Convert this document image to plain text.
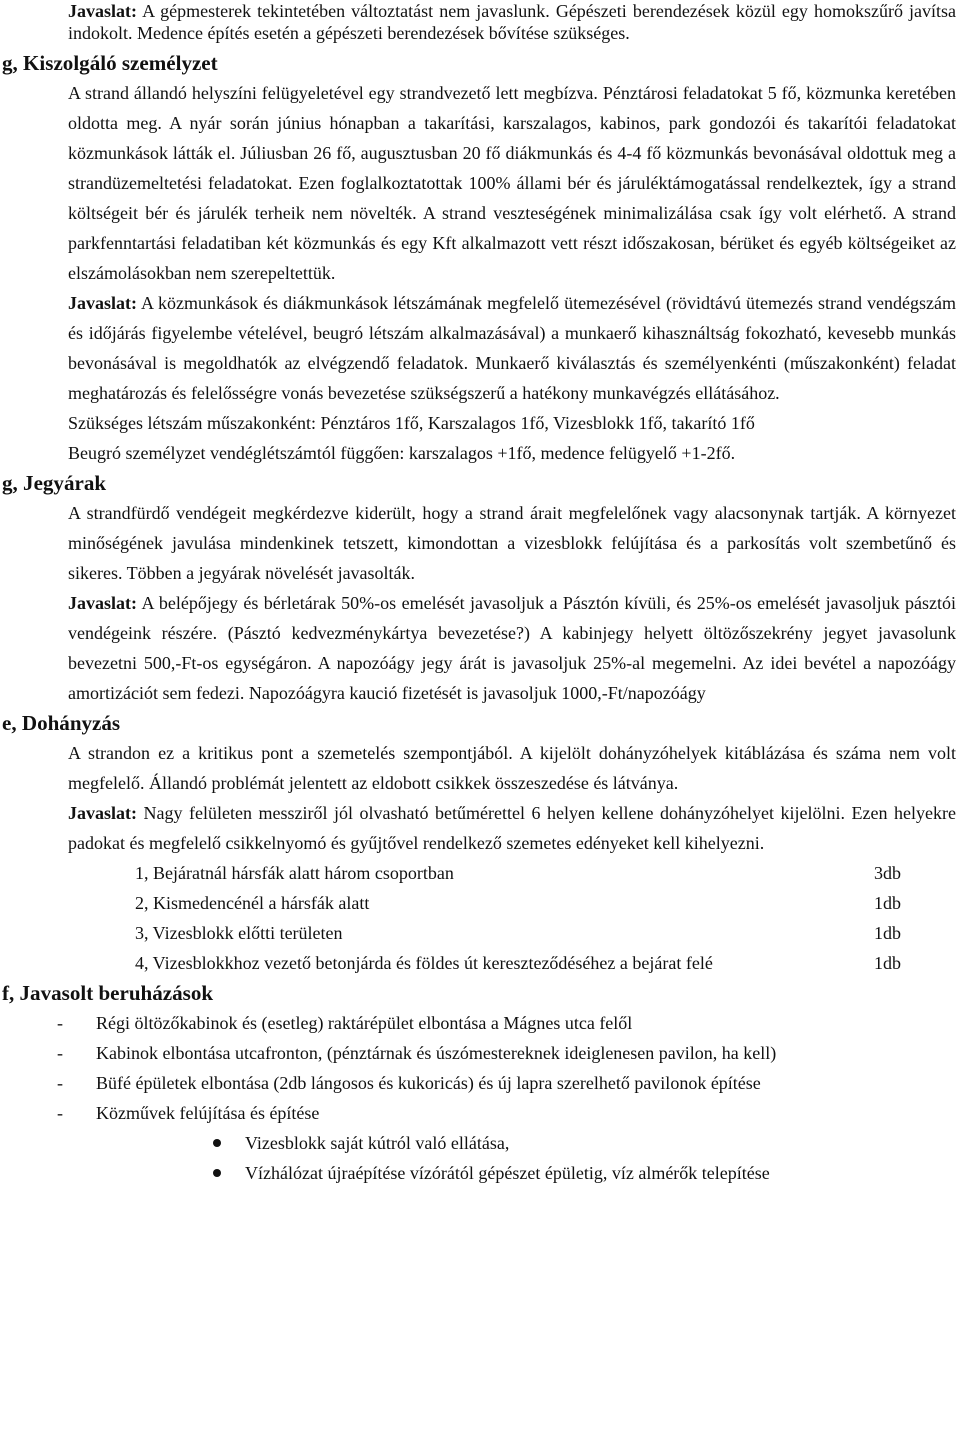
Javaslat: A gépmesterek tekintetében változtatást nem javaslunk. Gépészeti berendezések közül egy homokszűrő javítsa indokolt. Medence építés esetén a gépészeti berendezések bővítése szükséges.

g, Kiszolgáló személyzet

A strand állandó helyszíni felügyeletével egy strandvezető lett megbízva. Pénztárosi feladatokat 5 fő, közmunka keretében oldotta meg. A nyár során június hónapban a takarítási, karszalagos, kabinos, park gondozói és takarítói feladatokat közmunkások látták el. Júliusban 26 fő, augusztusban 20 fő diákmunkás és 4-4 fő közmunkás bevonásával oldottuk meg a strandüzemeltetési feladatokat. Ezen foglalkoztatottak 100% állami bér és járuléktámogatással rendelkeztek, így a strand költségeit bér és járulék terheik nem növelték. A strand veszteségének minimalizálása csak így volt elérhető. A strand parkfenntartási feladatiban két közmunkás és egy Kft alkalmazott vett részt időszakosan, bérüket és egyéb költségeiket az elszámolásokban nem szerepeltettük.

Javaslat: A közmunkások és diákmunkások létszámának megfelelő ütemezésével (rövidtávú ütemezés strand vendégszám és időjárás figyelembe vételével, beugró létszám alkalmazásával) a munkaerő kihasználtság fokozható, kevesebb munkás bevonásával is megoldhatók az elvégzendő feladatok. Munkaerő kiválasztás és személyenkénti (műszakonként) feladat meghatározás és felelősségre vonás bevezetése szükségszerű a hatékony munkavégzés ellátásához.

Szükséges létszám műszakonként: Pénztáros 1fő, Karszalagos 1fő, Vizesblokk 1fő, takarító 1fő

Beugró személyzet vendéglétszámtól függően: karszalagos +1fő, medence felügyelő +1-2fő.

g, Jegyárak

A strandfürdő vendégeit megkérdezve kiderült, hogy a strand árait megfelelőnek vagy alacsonynak tartják. A környezet minőségének javulása mindenkinek tetszett, kimondottan a vizesblokk felújítása és a parkosítás volt szembetűnő és sikeres. Többen a jegyárak növelését javasolták.

Javaslat: A belépőjegy és bérletárak 50%-os emelését javasoljuk a Pásztón kívüli, és 25%-os emelését javasoljuk pásztói vendégeink részére. (Pásztó kedvezménykártya bevezetése?) A kabinjegy helyett öltözőszekrény jegyet javasolunk bevezetni 500,-Ft-os egységáron. A napozóágy jegy árát is javasoljuk 25%-al megemelni. Az idei bevétel a napozóágy amortizációt sem fedezi. Napozóágyra kaució fizetését is javasoljuk 1000,-Ft/napozóágy

e, Dohányzás

A strandon ez a kritikus pont a szemetelés szempontjából. A kijelölt dohányzóhelyek kitáblázása és száma nem volt megfelelő. Állandó problémát jelentett az eldobott csikkek összeszedése és látványa.

Javaslat: Nagy felületen messziről jól olvasható betűmérettel 6 helyen kellene dohányzóhelyet kijelölni. Ezen helyekre padokat és megfelelő csikkelnyomó és gyűjtővel rendelkező szemetes edényeket kell kihelyezni.

1, Bejáratnál hársfák alatt három csoportban	3db
2, Kismedencénél a hársfák alatt	1db
3, Vizesblokk előtti területen	1db
4, Vizesblokkhoz vezető betonjárda és földes út kereszteződéséhez a bejárat felé	1db
f, Javasolt beruházások
- Régi öltözőkabinok és (esetleg) raktárépület elbontása a Mágnes utca felől
- Kabinok elbontása utcafronton, (pénztárnak és úszómestereknek ideiglenesen pavilon, ha kell)
- Büfé épületek elbontása (2db lángosos és kukoricás) és új lapra szerelhető pavilonok építése
- Közművek felújítása és építése
Vizesblokk saját kútról való ellátása,
Vízhálózat újraépítése vízórától gépészet épületig, víz almérők telepítése
